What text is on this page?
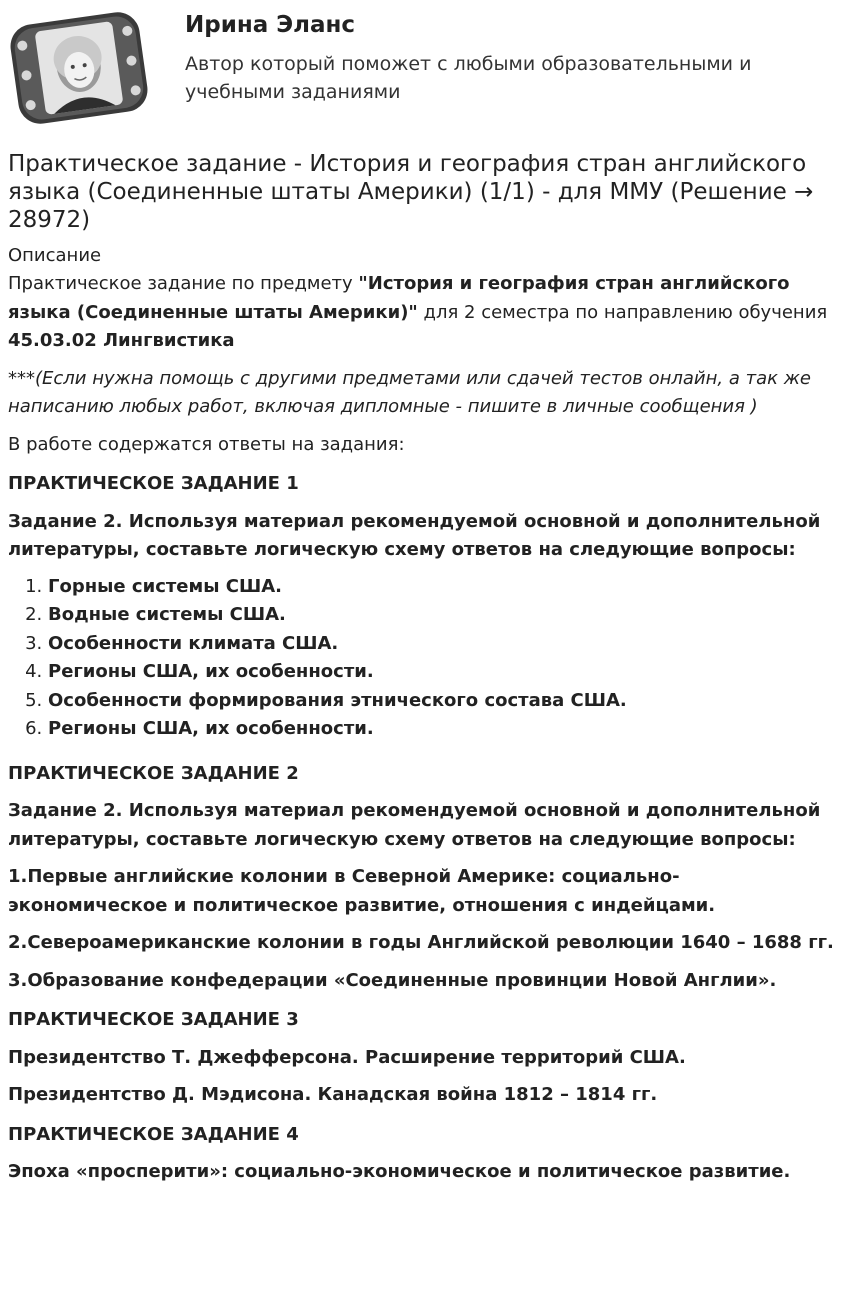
Ирина Эланс
Автор который поможет с любыми образовательными и учебными заданиями
Практическое задание - История и география стран английского языка (Соединенные штаты Америки) (1/1) - для ММУ (Решение → 28972)
Описание

Практическое задание по предмету "История и география стран английского языка (Соединенные штаты Америки)" для 2 семестра по направлению обучения 45.03.02 Лингвистика

***(Если нужна помощь с другими предметами или сдачей тестов онлайн, а так же написанию любых работ, включая дипломные - пишите в личные сообщения )

В работе содержатся ответы на задания:

ПРАКТИЧЕСКОЕ ЗАДАНИЕ 1

Задание 2. Используя материал рекомендуемой основной и дополнительной литературы, составьте логическую схему ответов на следующие вопросы:

1. Горные системы США.
2. Водные системы США.
3. Особенности климата США.
4. Регионы США, их особенности.
5. Особенности формирования этнического состава США.
6. Регионы США, их особенности.

ПРАКТИЧЕСКОЕ ЗАДАНИЕ 2

Задание 2. Используя материал рекомендуемой основной и дополнительной литературы, составьте логическую схему ответов на следующие вопросы:

1.Первые английские колонии в Северной Америке: социально-экономическое и политическое развитие, отношения с индейцами.

2.Североамериканские колонии в годы Английской революции 1640 – 1688 гг.

3.Образование конфедерации «Соединенные провинции Новой Англии».

ПРАКТИЧЕСКОЕ ЗАДАНИЕ 3

Президентство Т. Джефферсона. Расширение территорий США.

Президентство Д. Мэдисона. Канадская война 1812 – 1814 гг.

ПРАКТИЧЕСКОЕ ЗАДАНИЕ 4

Эпоха «просперити»: социально-экономическое и политическое развитие.
